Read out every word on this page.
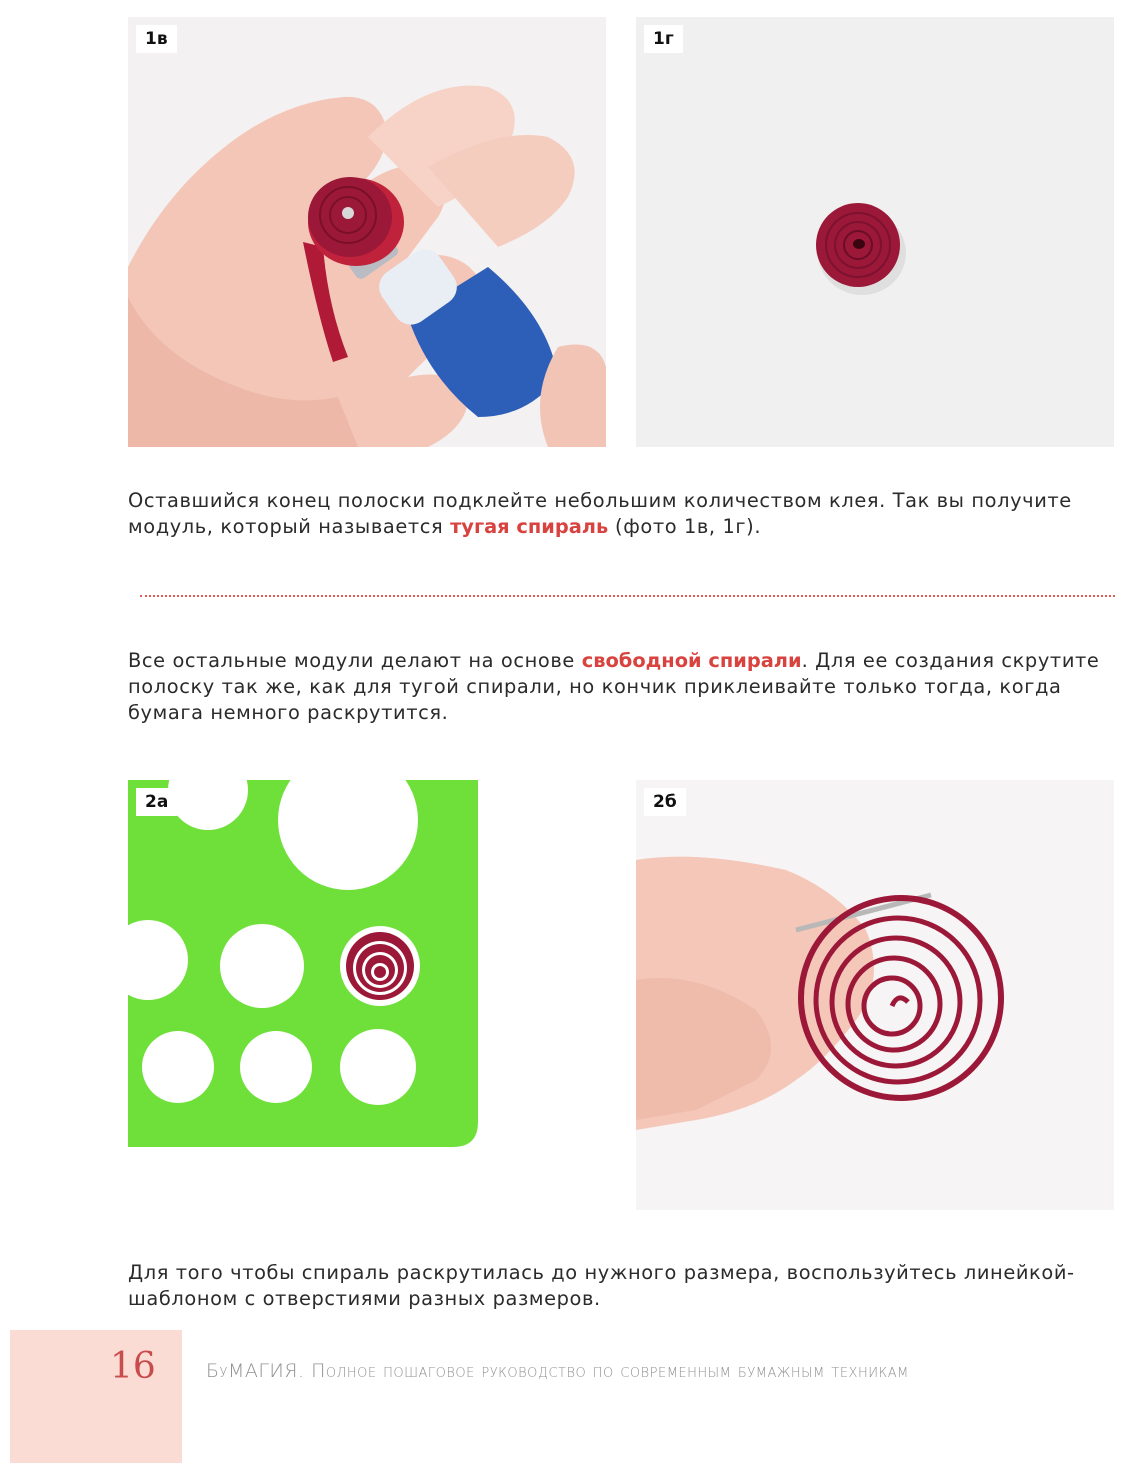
1в	1г

Оставшийся конец полоски подклейте небольшим количеством клея. Так вы получите модуль, который называется тугая спираль (фото 1в, 1г).

Все остальные модули делают на основе свободной спирали. Для ее создания скрутите полоску так же, как для тугой спирали, но кончик приклеивайте только тогда, когда бумага немного раскрутится.

2а	2б

Для того чтобы спираль раскрутилась до нужного размера, воспользуйтесь линейкой-шаблоном с отверстиями разных размеров.

16	БуМАГИЯ. Полное пошаговое руководство по современным бумажным техникам
